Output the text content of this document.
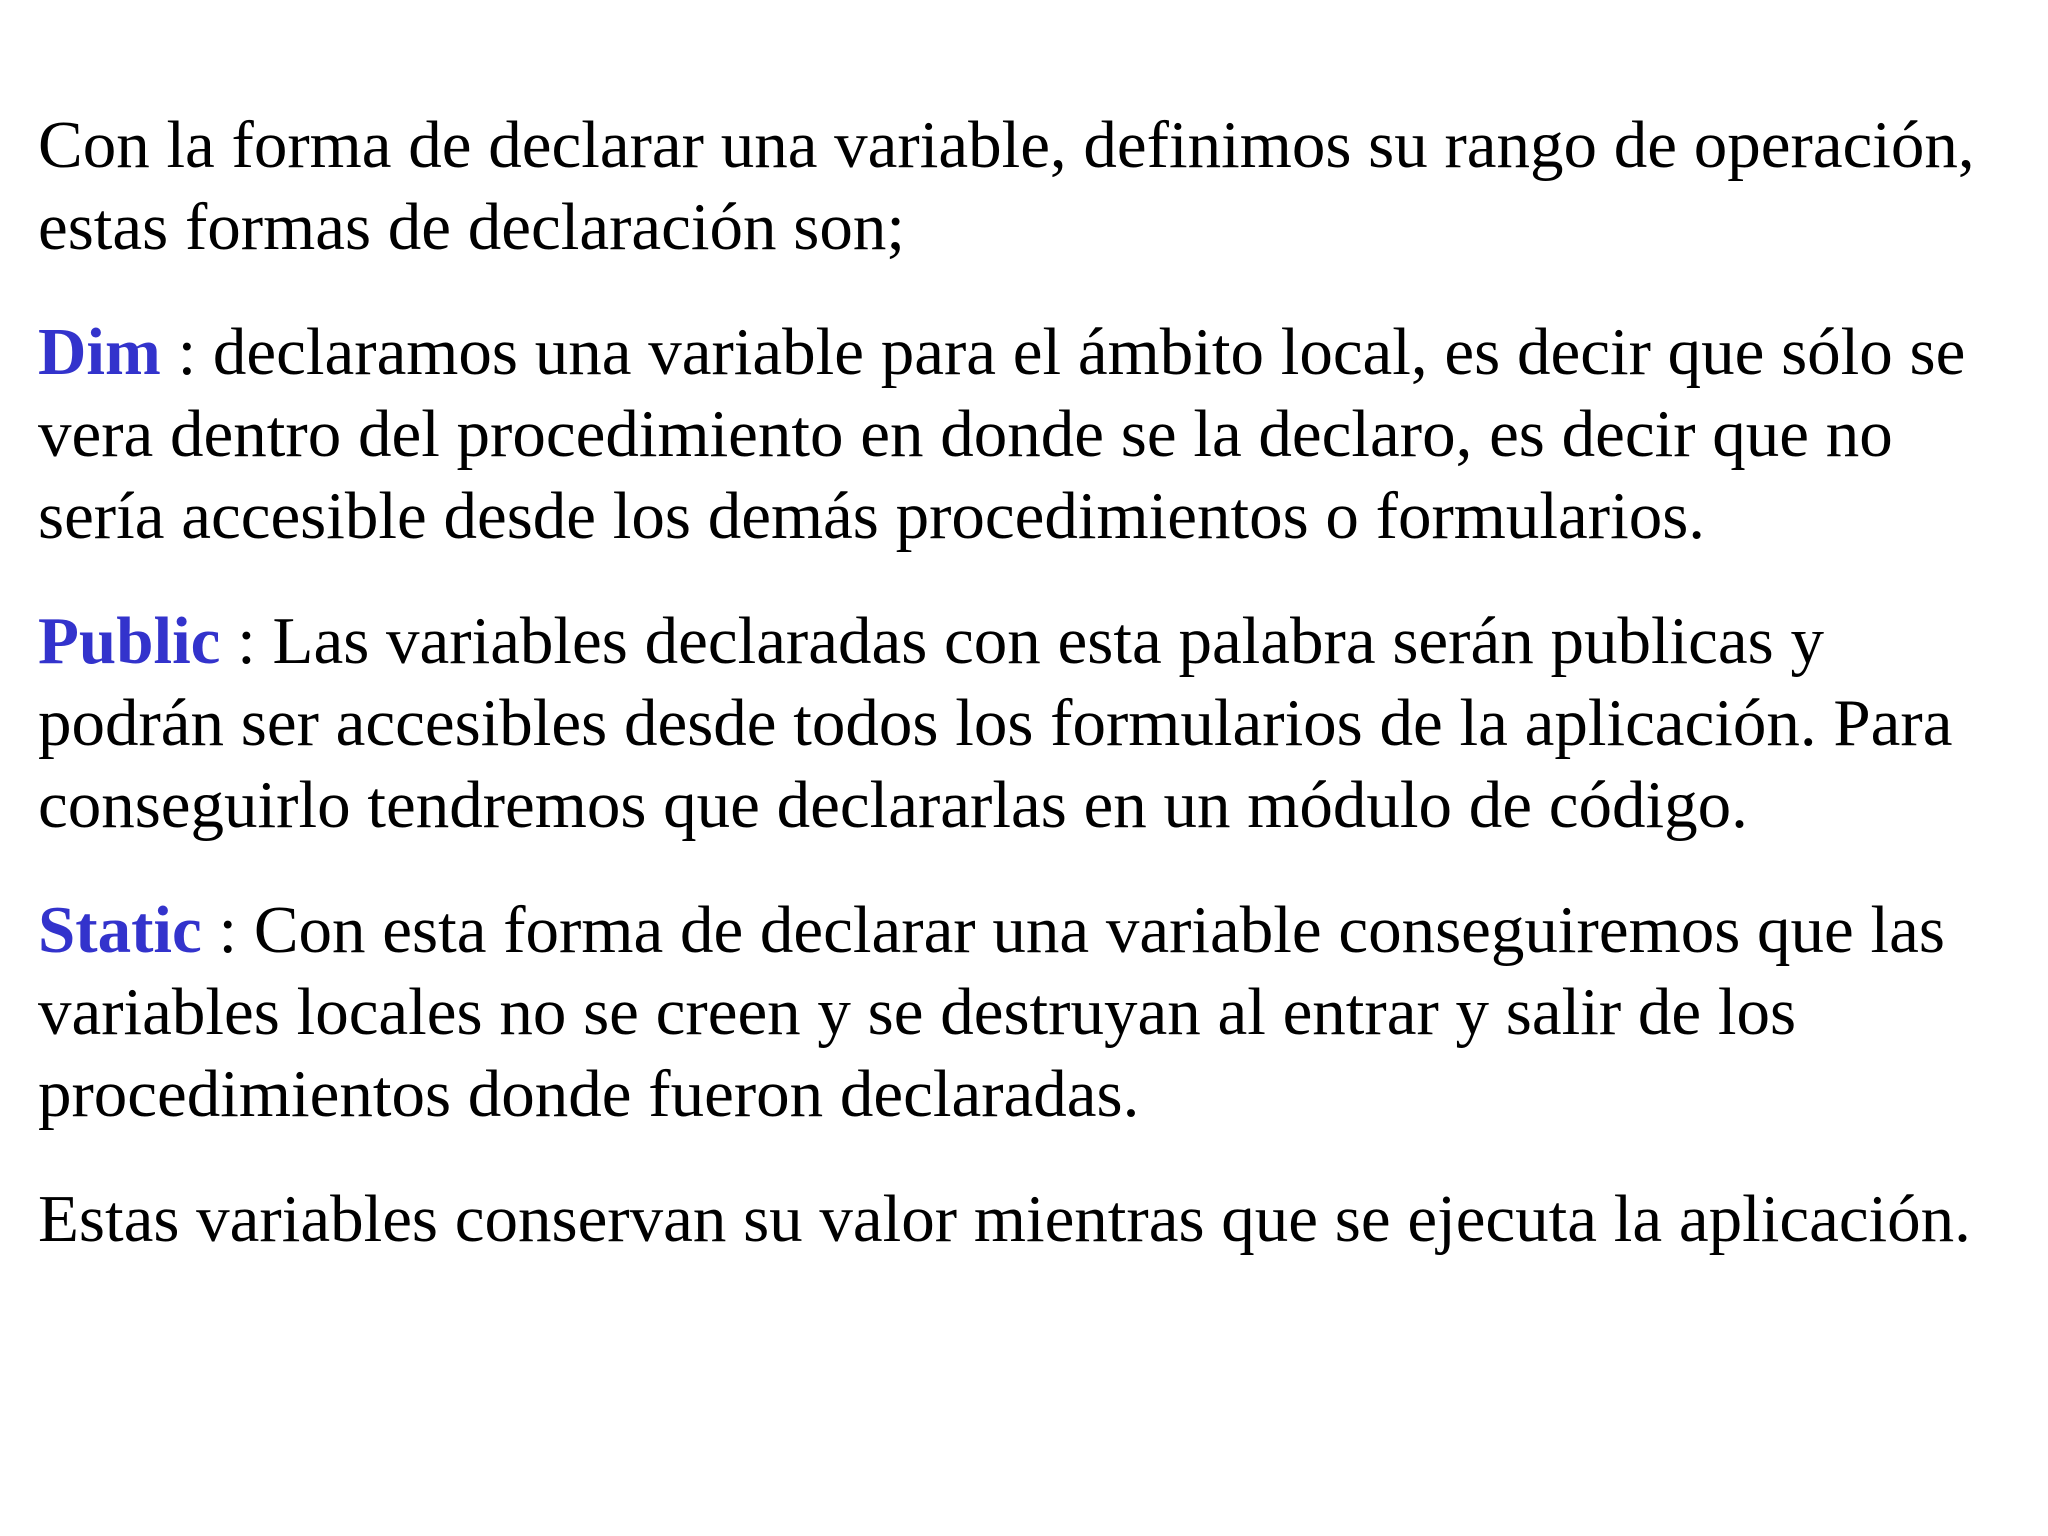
Con la forma de declarar una variable, definimos su rango de operación, estas formas de declaración son;

Dim : declaramos una variable para el ámbito local, es decir que sólo se vera dentro del procedimiento en donde se la declaro, es decir que no sería accesible desde los demás procedimientos o formularios.

Public : Las variables declaradas con esta palabra serán publicas y podrán ser accesibles desde todos los formularios de la aplicación. Para conseguirlo tendremos que declararlas en un módulo de código.

Static : Con esta forma de declarar una variable conseguiremos que las variables locales no se creen y se destruyan al entrar y salir de los procedimientos donde fueron declaradas.

Estas variables conservan su valor mientras que se ejecuta la aplicación.
